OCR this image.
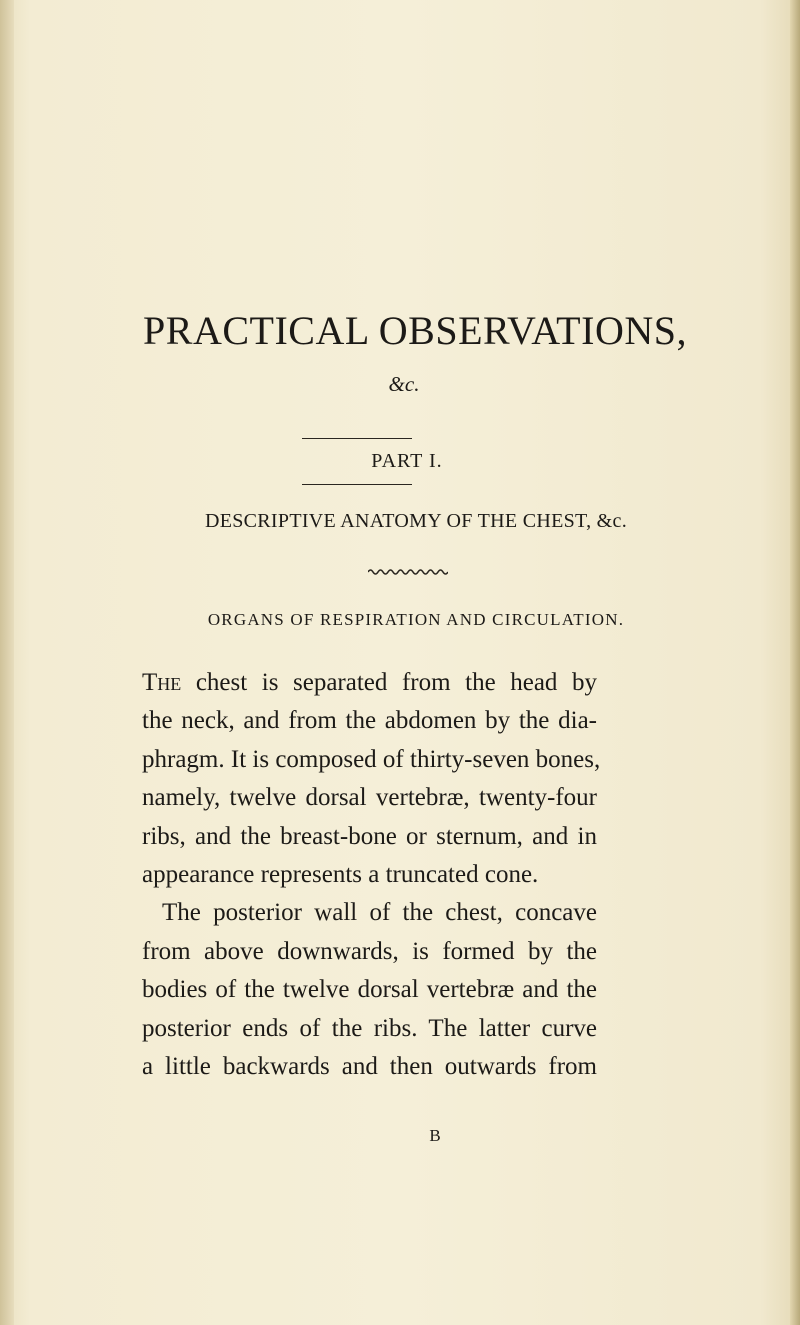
PRACTICAL OBSERVATIONS,
&c.
PART I.
DESCRIPTIVE ANATOMY OF THE CHEST, &c.
ORGANS OF RESPIRATION AND CIRCULATION.
The chest is separated from the head by
the neck, and from the abdomen by the dia-
phragm. It is composed of thirty-seven bones,
namely, twelve dorsal vertebræ, twenty-four
ribs, and the breast-bone or sternum, and in
appearance represents a truncated cone.
The posterior wall of the chest, concave
from above downwards, is formed by the
bodies of the twelve dorsal vertebræ and the
posterior ends of the ribs. The latter curve
a little backwards and then outwards from
B
